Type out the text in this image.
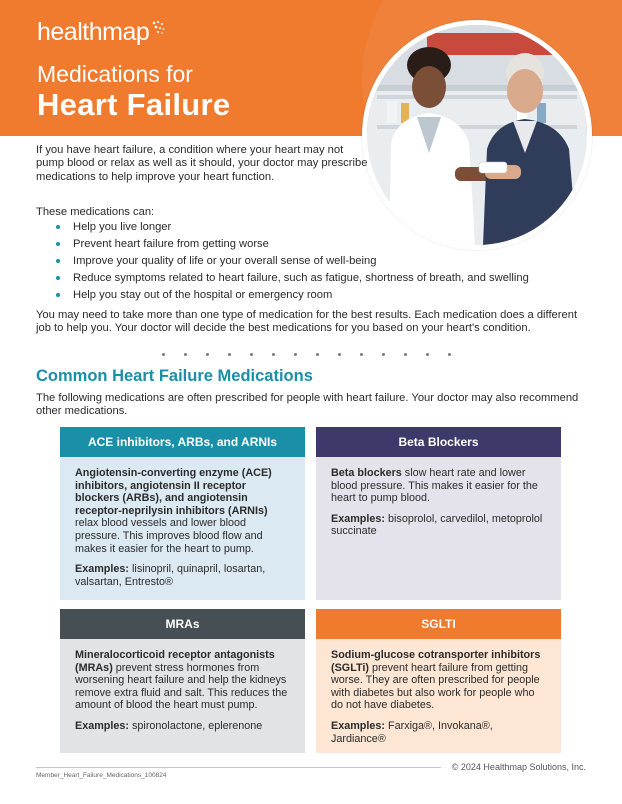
healthmap
Medications for
Heart Failure

If you have heart failure, a condition where your heart may not pump blood or relax as well as it should, your doctor may prescribe medications to help improve your heart function.

These medications can:

Help you live longer
Prevent heart failure from getting worse
Improve your quality of life or your overall sense of well-being
Reduce symptoms related to heart failure, such as fatigue, shortness of breath, and swelling
Help you stay out of the hospital or emergency room

You may need to take more than one type of medication for the best results. Each medication does a different job to help you. Your doctor will decide the best medications for you based on your heart's condition.

Common Heart Failure Medications

The following medications are often prescribed for people with heart failure. Your doctor may also recommend other medications.

ACE inhibitors, ARBs, and ARNIs

Angiotensin-converting enzyme (ACE) inhibitors, angiotensin II receptor blockers (ARBs), and angiotensin receptor-neprilysin inhibitors (ARNIs) relax blood vessels and lower blood pressure. This improves blood flow and makes it easier for the heart to pump.

Examples: lisinopril, quinapril, losartan, valsartan, Entresto®

Beta Blockers

Beta blockers slow heart rate and lower blood pressure. This makes it easier for the heart to pump blood.

Examples: bisoprolol, carvedilol, metoprolol succinate

MRAs

Mineralocorticoid receptor antagonists (MRAs) prevent stress hormones from worsening heart failure and help the kidneys remove extra fluid and salt. This reduces the amount of blood the heart must pump.

Examples: spironolactone, eplerenone

SGLTI

Sodium-glucose cotransporter inhibitors (SGLTi) prevent heart failure from getting worse. They are often prescribed for people with diabetes but also work for people who do not have diabetes.

Examples: Farxiga®, Invokana®, Jardiance®

© 2024 Healthmap Solutions, Inc.
Member_Heart_Failure_Medications_100824
